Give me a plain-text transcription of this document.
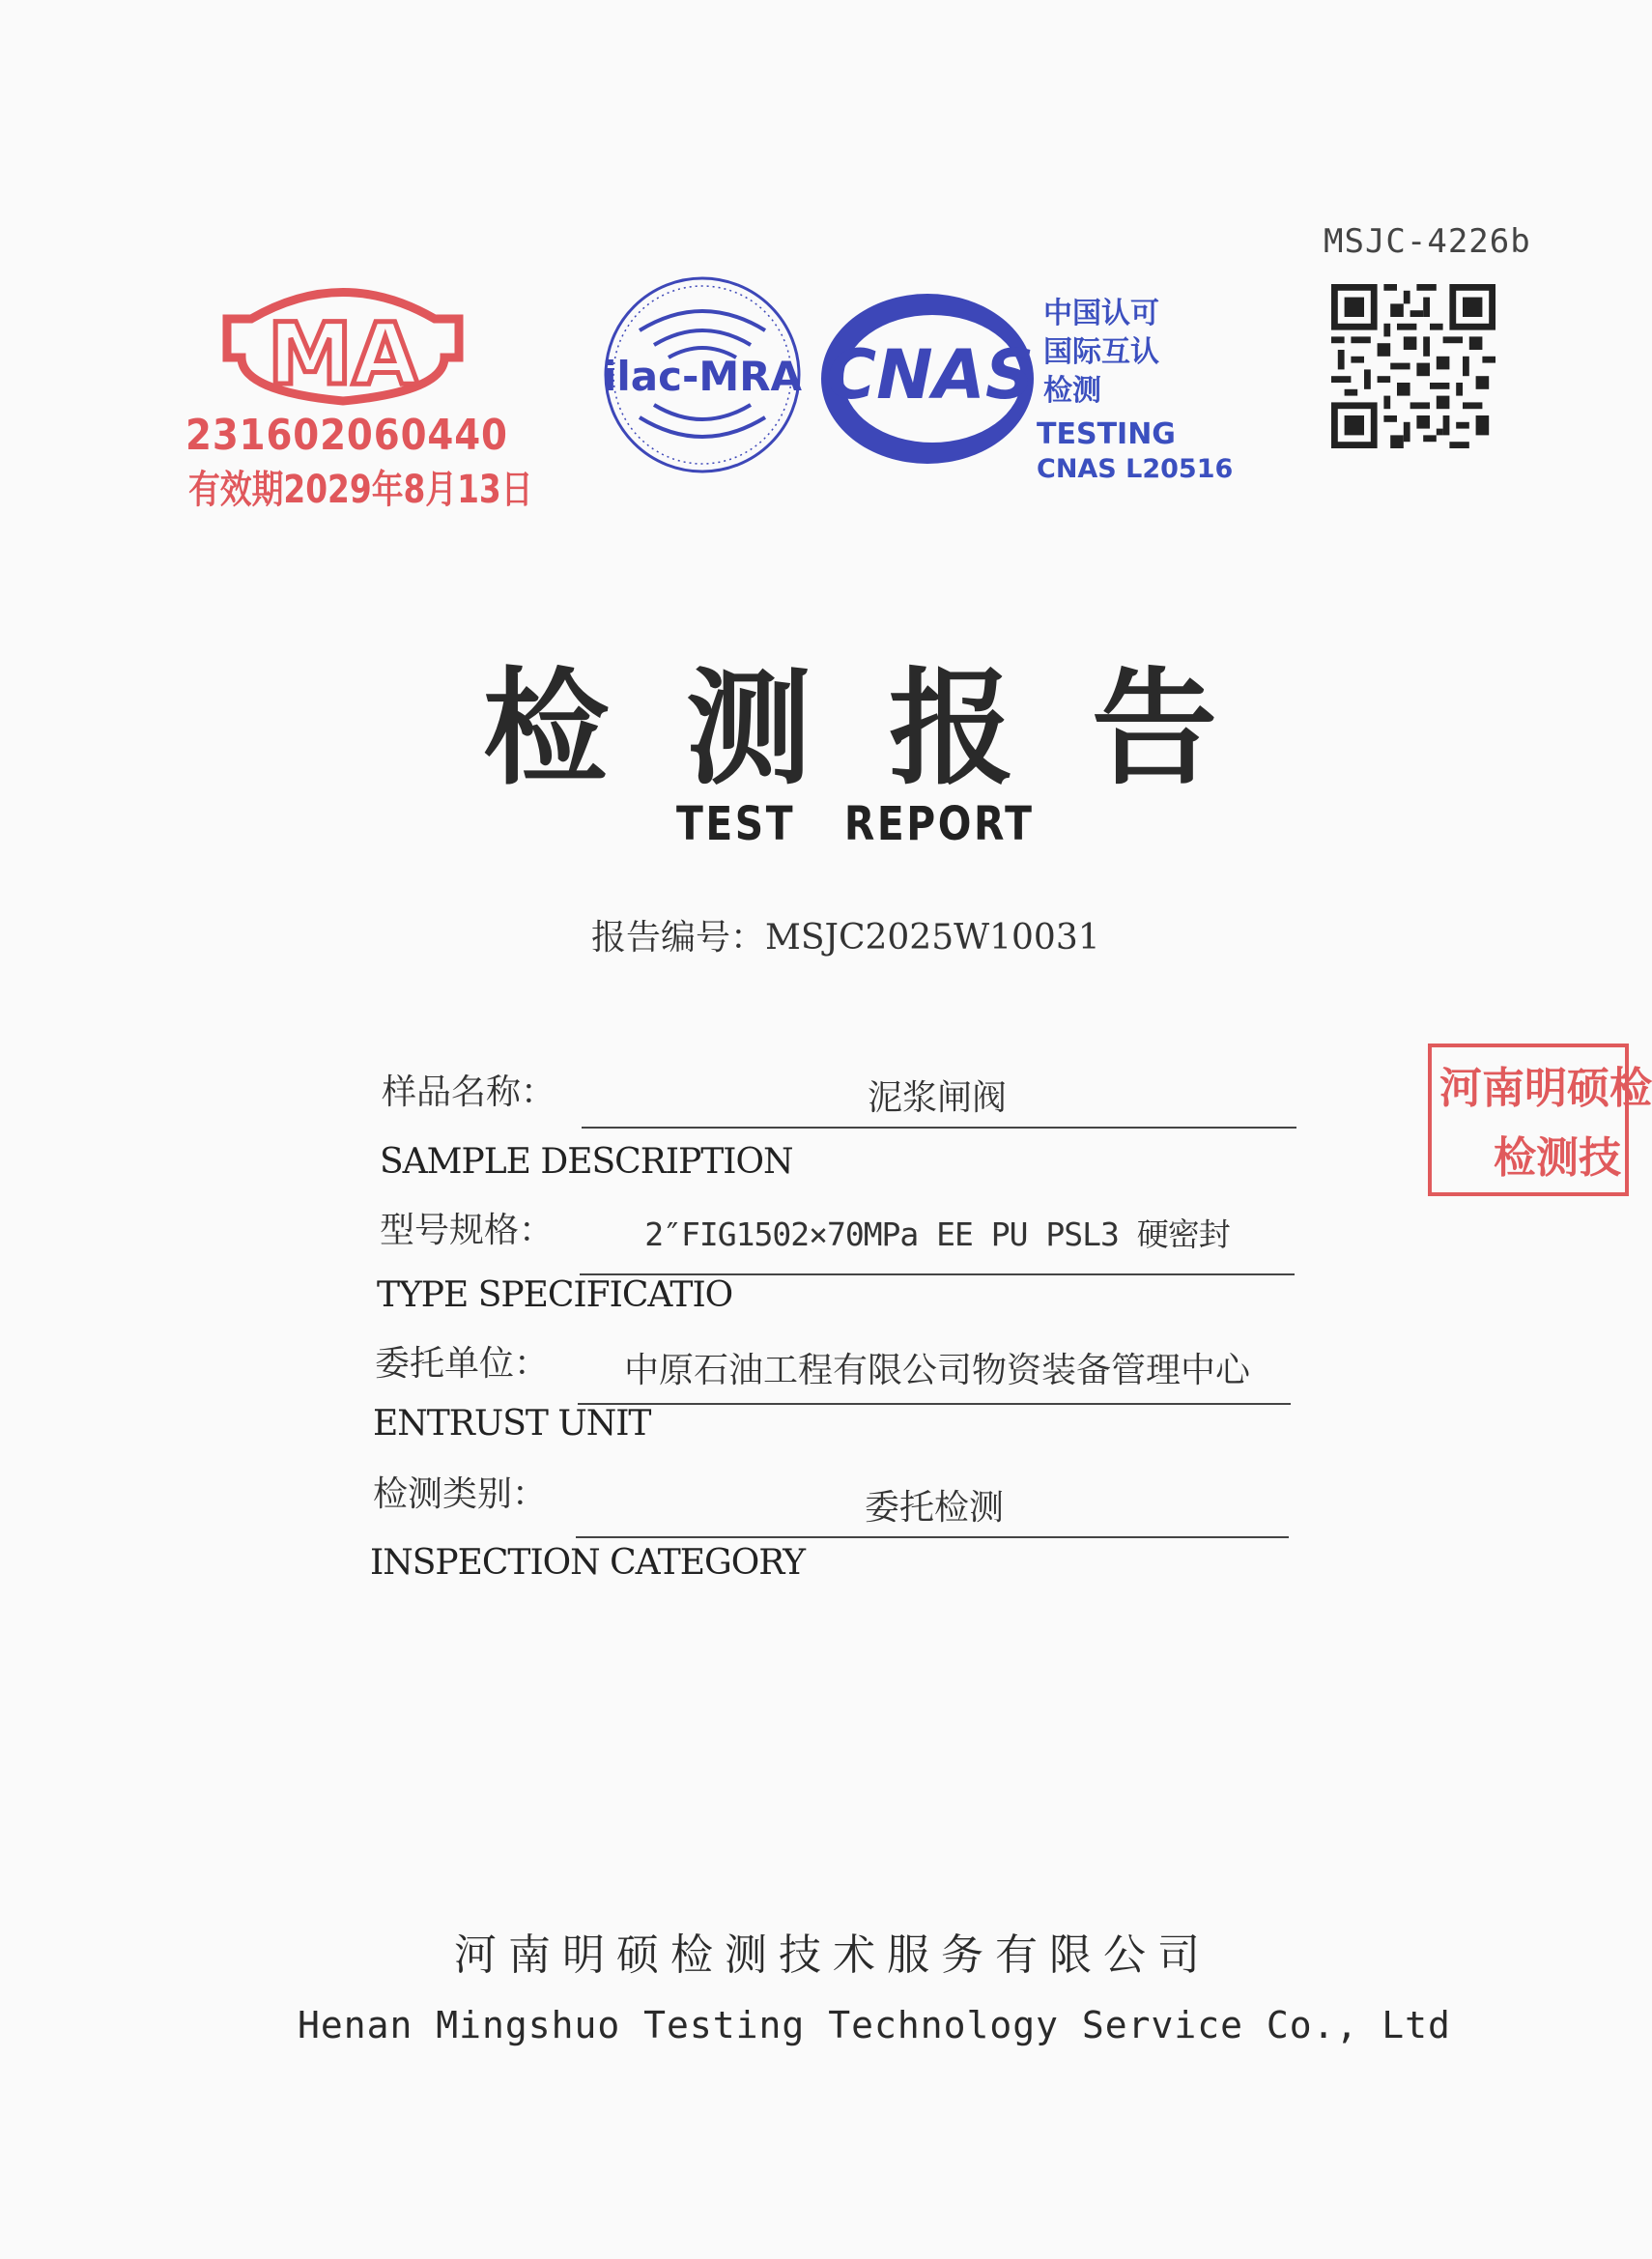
MSJC-4226b
MA
231602060440
有效期2029年8月13日
ilac-MRA CNAS
中国认可
国际互认
检测
TESTING
CNAS L20516
检 测 报 告
TEST REPORT
报告编号：MSJC2025W10031
样品名称：	泥浆闸阀
SAMPLE DESCRIPTION
型号规格：	2″FIG1502×70MPa EE PU PSL3 硬密封
TYPE SPECIFICATIO
委托单位：	中原石油工程有限公司物资装备管理中心
ENTRUST UNIT
检测类别：	委托检测
INSPECTION CATEGORY
河南明硕检
检测技
河南明硕检测技术服务有限公司
Henan Mingshuo Testing Technology Service Co., Ltd
